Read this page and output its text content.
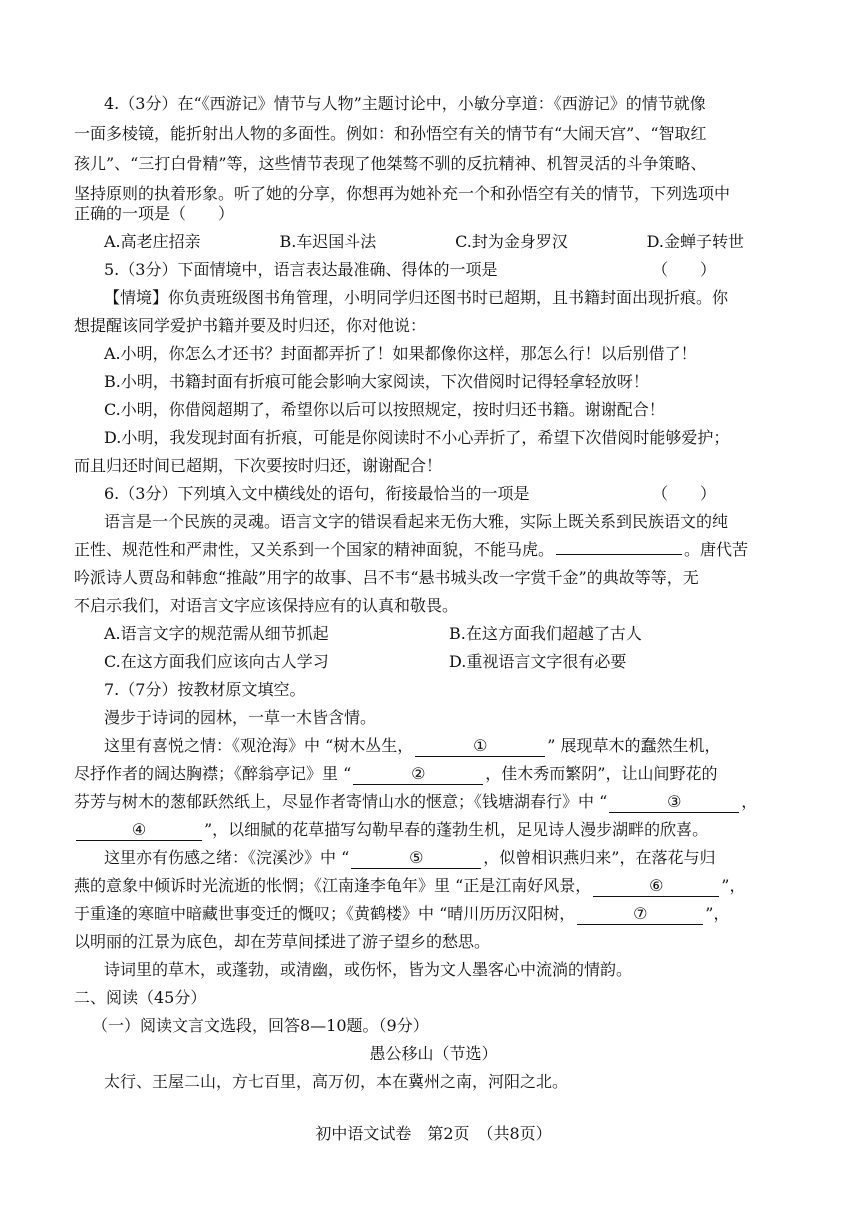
4.（3分）在“《西游记》情节与人物”主题讨论中，小敏分享道：《西游记》的情节就像
一面多棱镜，能折射出人物的多面性。例如：和孙悟空有关的情节有“大闹天宫”、“智取红
孩儿”、“三打白骨精”等，这些情节表现了他桀骜不驯的反抗精神、机智灵活的斗争策略、
坚持原则的执着形象。听了她的分享，你想再为她补充一个和孙悟空有关的情节，下列选项中
正确的一项是（　　）
A.高老庄招亲	B.车迟国斗法	C.封为金身罗汉	D.金蝉子转世
5.（3分）下面情境中，语言表达最准确、得体的一项是	（　　）
【情境】你负责班级图书角管理，小明同学归还图书时已超期，且书籍封面出现折痕。你
想提醒该同学爱护书籍并要及时归还，你对他说：
A.小明，你怎么才还书？封面都弄折了！如果都像你这样，那怎么行！以后别借了！
B.小明，书籍封面有折痕可能会影响大家阅读，下次借阅时记得轻拿轻放呀！
C.小明，你借阅超期了，希望你以后可以按照规定，按时归还书籍。谢谢配合！
D.小明，我发现封面有折痕，可能是你阅读时不小心弄折了，希望下次借阅时能够爱护；
而且归还时间已超期，下次要按时归还，谢谢配合！
6.（3分）下列填入文中横线处的语句，衔接最恰当的一项是	（　　）
语言是一个民族的灵魂。语言文字的错误看起来无伤大雅，实际上既关系到民族语文的纯
正性、规范性和严肃性，又关系到一个国家的精神面貌，不能马虎。	。唐代苦
吟派诗人贾岛和韩愈“推敲”用字的故事、吕不韦“悬书城头改一字赏千金”的典故等等，无
不启示我们，对语言文字应该保持应有的认真和敬畏。
A.语言文字的规范需从细节抓起	B.在这方面我们超越了古人
C.在这方面我们应该向古人学习	D.重视语言文字很有必要
7.（7分）按教材原文填空。
漫步于诗词的园林，一草一木皆含情。
这里有喜悦之情：《观沧海》中 “树木丛生，	①	” 展现草木的蠢然生机，
尽抒作者的阔达胸襟；《醉翁亭记》里 “	②	，佳木秀而繁阴”，让山间野花的
芬芳与树木的葱郁跃然纸上，尽显作者寄情山水的惬意；《钱塘湖春行》中 “	③	，
④	”，以细腻的花草描写勾勒早春的蓬勃生机，足见诗人漫步湖畔的欣喜。
这里亦有伤感之绪：《浣溪沙》中 “	⑤	，似曾相识燕归来”，在落花与归
燕的意象中倾诉时光流逝的怅惘；《江南逢李龟年》里 “正是江南好风景，	⑥	”，
于重逢的寒暄中暗藏世事变迁的慨叹；《黄鹤楼》中 “晴川历历汉阳树，	⑦	”，
以明丽的江景为底色，却在芳草间揉进了游子望乡的愁思。
诗词里的草木，或蓬勃，或清幽，或伤怀，皆为文人墨客心中流淌的情韵。
二、阅读（45分）
（一）阅读文言文选段，回答8—10题。（9分）
愚公移山（节选）
太行、王屋二山，方七百里，高万仞，本在冀州之南，河阳之北。
初中语文试卷　第2页　（共8页）
